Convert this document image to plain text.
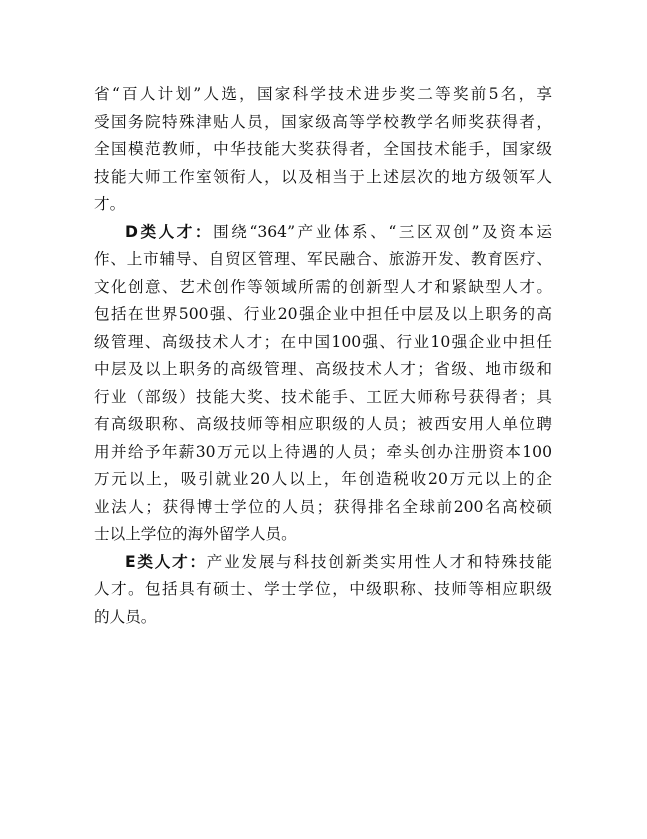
省“百人计划”人选，国家科学技术进步奖二等奖前5名，享
受国务院特殊津贴人员，国家级高等学校教学名师奖获得者，
全国模范教师，中华技能大奖获得者，全国技术能手，国家级
技能大师工作室领衔人，以及相当于上述层次的地方级领军人
才。
D类人才：围绕“364”产业体系、“三区双创”及资本运
作、上市辅导、自贸区管理、军民融合、旅游开发、教育医疗、
文化创意、艺术创作等领域所需的创新型人才和紧缺型人才。
包括在世界500强、行业20强企业中担任中层及以上职务的高
级管理、高级技术人才；在中国100强、行业10强企业中担任
中层及以上职务的高级管理、高级技术人才；省级、地市级和
行业（部级）技能大奖、技术能手、工匠大师称号获得者；具
有高级职称、高级技师等相应职级的人员；被西安用人单位聘
用并给予年薪30万元以上待遇的人员；牵头创办注册资本100
万元以上，吸引就业20人以上，年创造税收20万元以上的企
业法人；获得博士学位的人员；获得排名全球前200名高校硕
士以上学位的海外留学人员。
E类人才：产业发展与科技创新类实用性人才和特殊技能
人才。包括具有硕士、学士学位，中级职称、技师等相应职级
的人员。
